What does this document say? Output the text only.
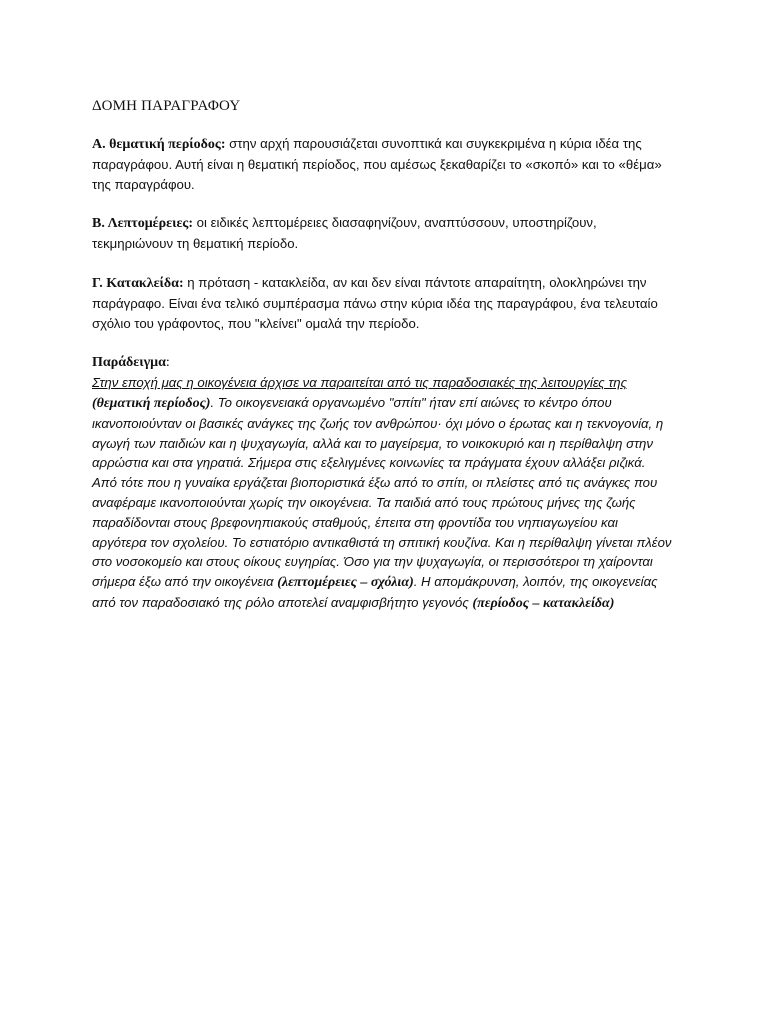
ΔΟΜΗ ΠΑΡΑΓΡΑΦΟΥ

Α. θεματική περίοδος: στην αρχή παρουσιάζεται συνοπτικά και συγκεκριμένα η κύρια ιδέα της παραγράφου. Αυτή είναι η θεματική περίοδος, που αμέσως ξεκαθαρίζει το «σκοπό» και το «θέμα» της παραγράφου.

Β. Λεπτομέρειες: οι ειδικές λεπτομέρειες διασαφηνίζουν, αναπτύσσουν, υποστηρίζουν, τεκμηριώνουν τη θεματική περίοδο.

Γ. Κατακλείδα: η πρόταση - κατακλείδα, αν και δεν είναι πάντοτε απαραίτητη, ολοκληρώνει την παράγραφο. Είναι ένα τελικό συμπέρασμα πάνω στην κύρια ιδέα της παραγράφου, ένα τελευταίο σχόλιο του γράφοντος, που "κλείνει" ομαλά την περίοδο.

Παράδειγμα:

Στην εποχή μας η οικογένεια άρχισε να παραιτείται από τις παραδοσιακές της λειτουργίες της (θεματική περίοδος). Το οικογενειακά οργανωμένο "σπίτι" ήταν επί αιώνες το κέντρο όπου ικανοποιούνταν οι βασικές ανάγκες της ζωής τον ανθρώπου· όχι μόνο ο έρωτας και η τεκνογονία, η αγωγή των παιδιών και η ψυχαγωγία, αλλά και το μαγείρεμα, το νοικοκυριό και η περίθαλψη στην αρρώστια και στα γηρατιά. Σήμερα στις εξελιγμένες κοινωνίες τα πράγματα έχουν αλλάξει ριζικά. Από τότε που η γυναίκα εργάζεται βιοποριστικά έξω από το σπίτι, οι πλείστες από τις ανάγκες που αναφέραμε ικανοποιούνται χωρίς την οικογένεια. Τα παιδιά από τους πρώτους μήνες της ζωής παραδίδονται στους βρεφονηπιακούς σταθμούς, έπειτα στη φροντίδα του νηπιαγωγείου και αργότερα τον σχολείου. Το εστιατόριο αντικαθιστά τη σπιτική κουζίνα. Και η περίθαλψη γίνεται πλέον στο νοσοκομείο και στους οίκους ευγηρίας. Όσο για την ψυχαγωγία, οι περισσότεροι τη χαίρονται σήμερα έξω από την οικογένεια (λεπτομέρειες – σχόλια). Η απομάκρυνση, λοιπόν, της οικογενείας από τον παραδοσιακό της ρόλο αποτελεί αναμφισβήτητο γεγονός (περίοδος – κατακλείδα)
